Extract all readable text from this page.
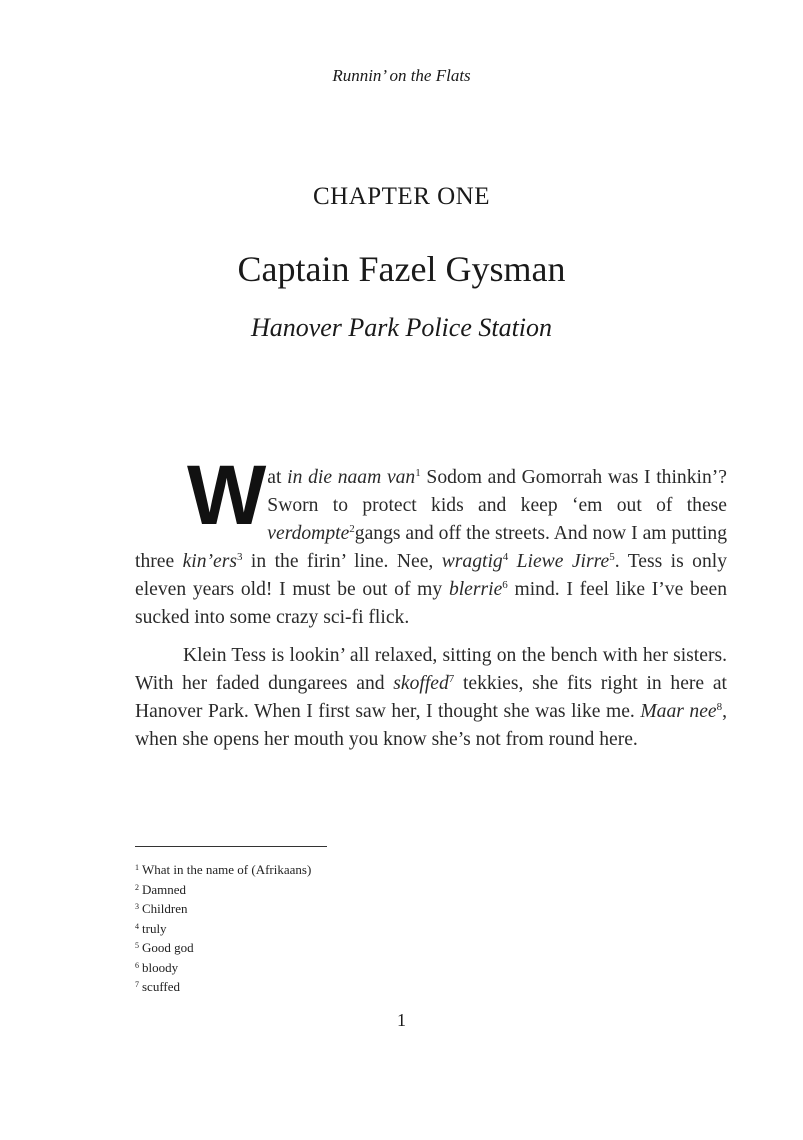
Runnin’ on the Flats
CHAPTER ONE
Captain Fazel Gysman
Hanover Park Police Station

Wat in die naam van$^1$ Sodom and Gomorrah was I thinkin’? Sworn to protect kids and keep ‘em out of these verdompte$^2$gangs and off the streets. And now I am putting three kin’ers$^3$ in the firin’ line. Nee, wragtig$^4$ Liewe Jirre$^5$. Tess is only eleven years old! I must be out of my blerrie$^6$ mind. I feel like I’ve been sucked into some crazy sci-fi flick.

Klein Tess is lookin’ all relaxed, sitting on the bench with her sisters. With her faded dungarees and skoffed$^7$ tekkies, she fits right in here at Hanover Park. When I first saw her, I thought she was like me. Maar nee$^8$, when she opens her mouth you know she’s not from round here.

$^1$ What in the name of (Afrikaans)
$^2$ Damned
$^3$ Children
$^4$ truly
$^5$ Good god
$^6$ bloody
$^7$ scuffed
1
